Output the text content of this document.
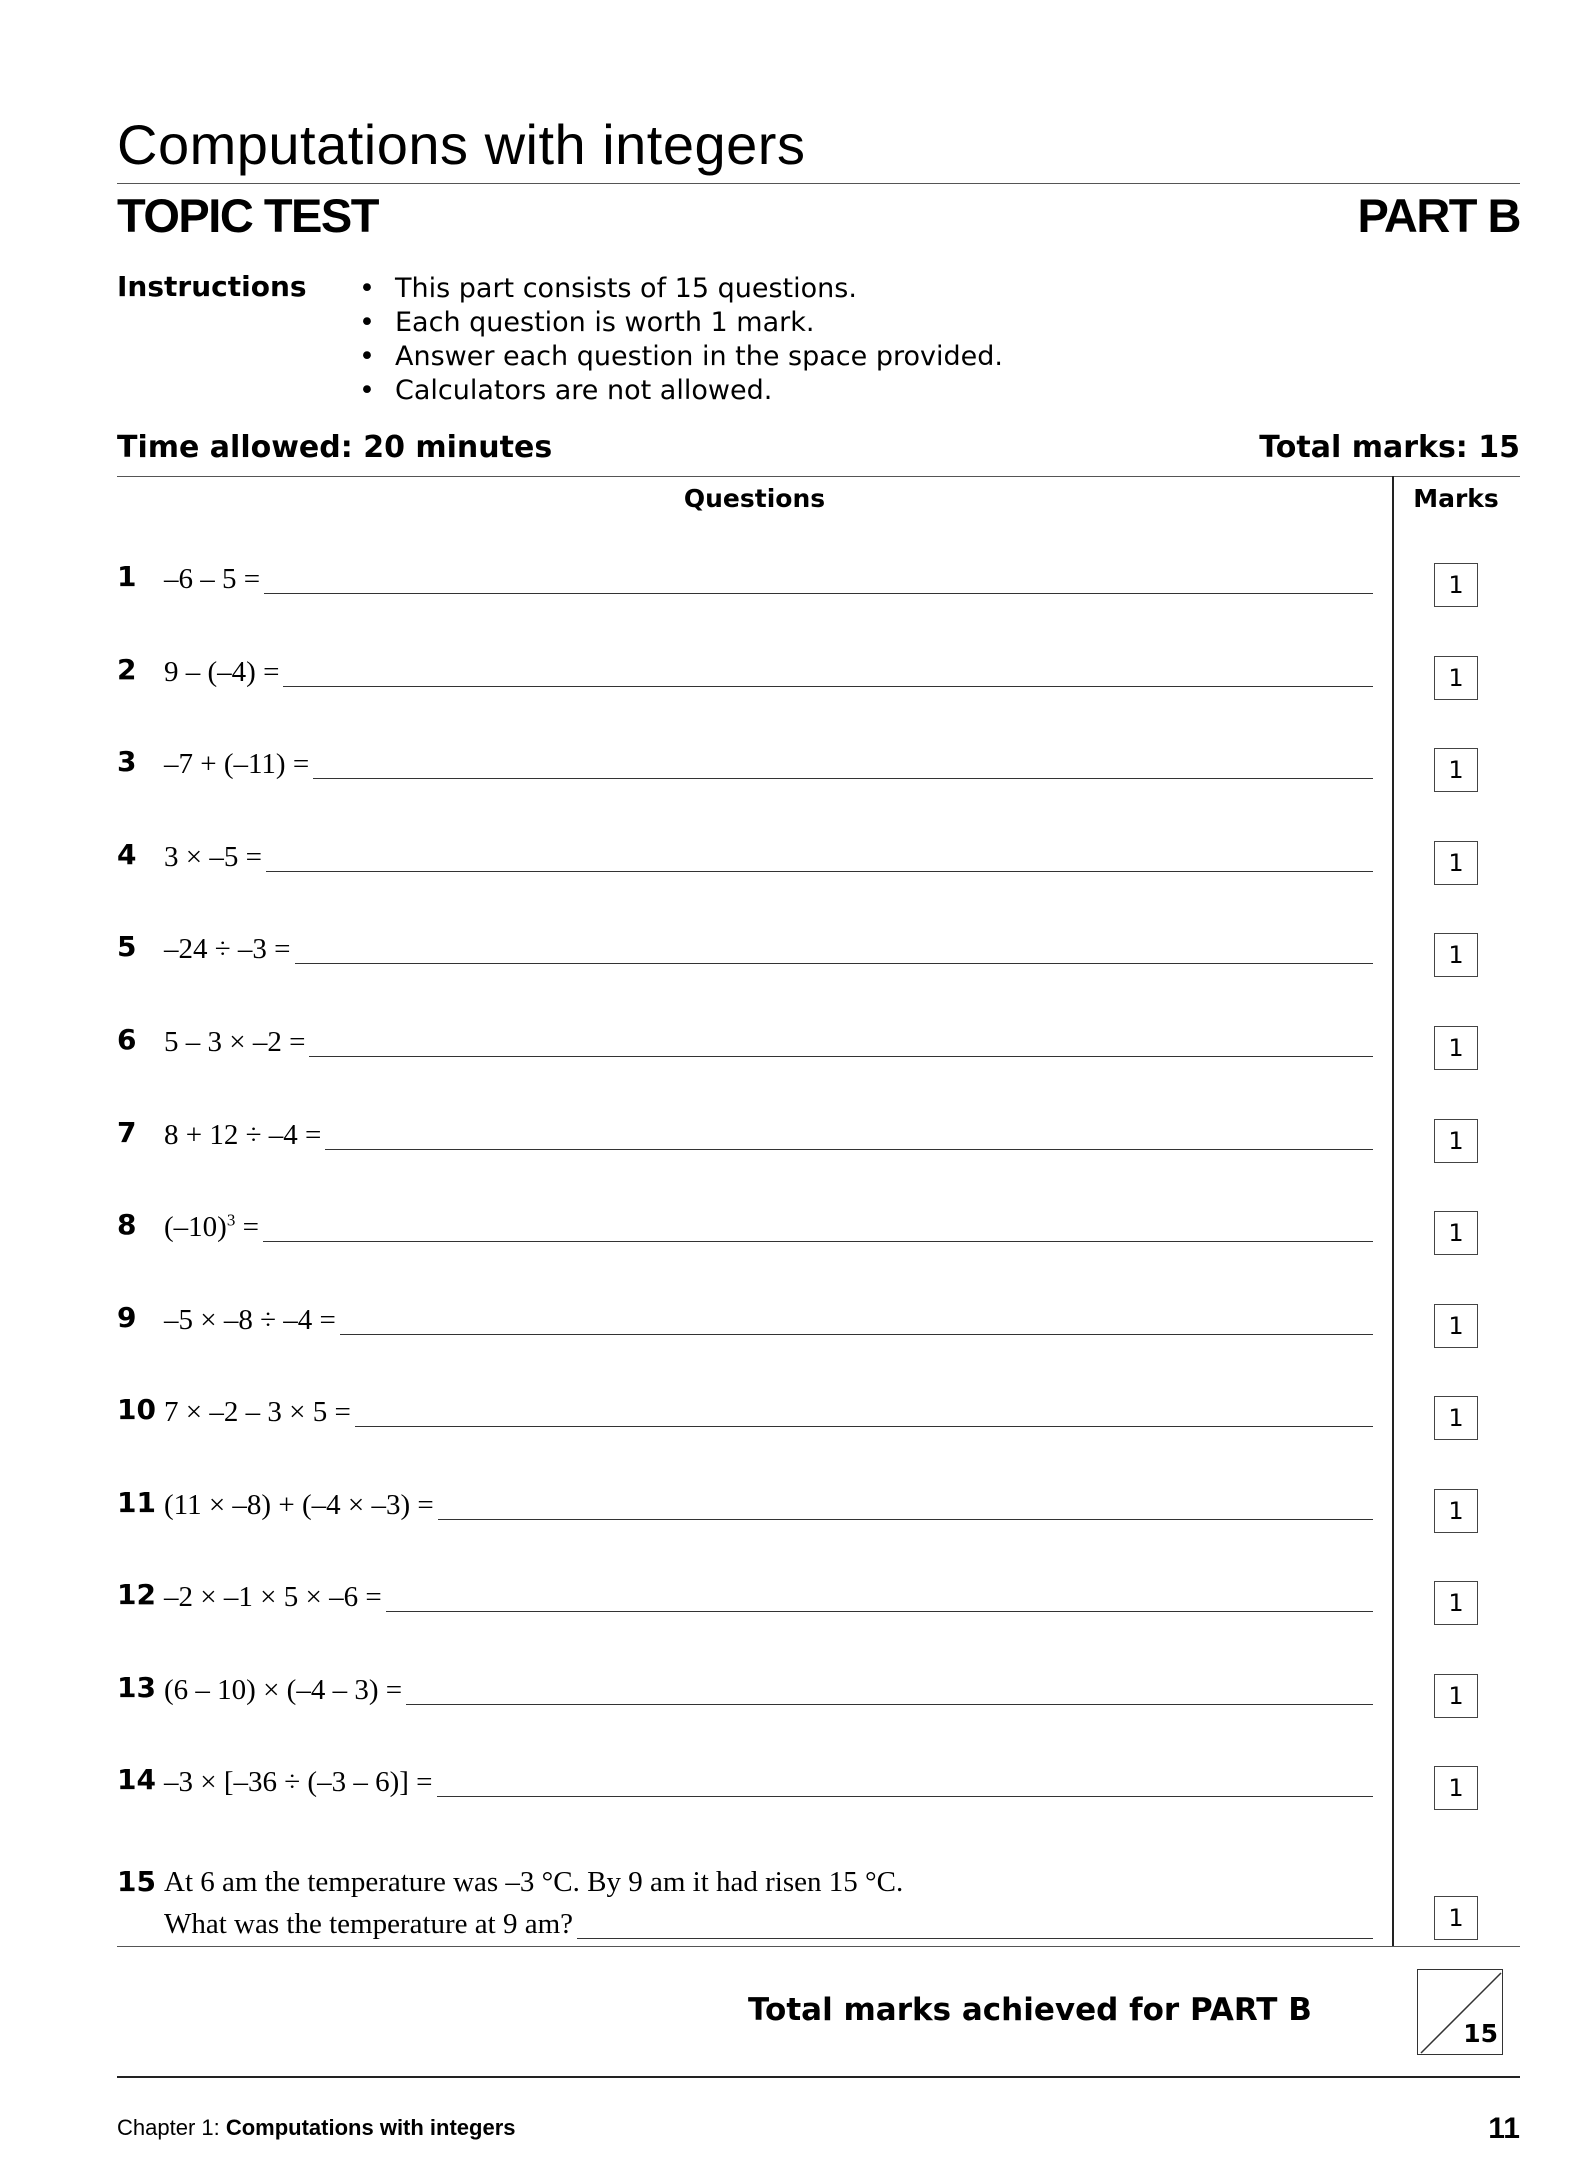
Computations with integers
TOPIC TEST	PART B
Instructions	• This part consists of 15 questions.
• Each question is worth 1 mark.
• Answer each question in the space provided.
• Calculators are not allowed.
Time allowed: 20 minutes	Total marks: 15
Questions	Marks
1 –6 – 5 =	1
2 9 – (–4) =	1
3 –7 + (–11) =	1
4 3 × –5 =	1
5 –24 ÷ –3 =	1
6 5 – 3 × –2 =	1
7 8 + 12 ÷ –4 =	1
8 $(-10)^3$ =	1
9 –5 × –8 ÷ –4 =	1
10 7 × –2 – 3 × 5 =	1
11 (11 × –8) + (–4 × –3) =	1
12 –2 × –1 × 5 × –6 =	1
13 (6 – 10) × (–4 – 3) =	1
14 –3 × [–36 ÷ (–3 – 6)] =	1
15 At 6 am the temperature was –3 °C. By 9 am it had risen 15 °C.
What was the temperature at 9 am?	1
Total marks achieved for PART B
15
Chapter 1: Computations with integers	11
